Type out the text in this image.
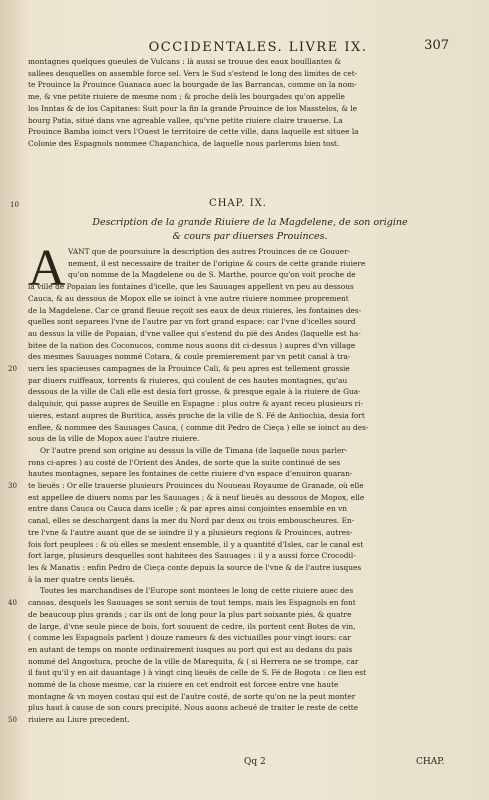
OCCIDENTALES. LIVRE IX.	307
montagnes quelques gueules de Vulcans : là aussi se trouue des eaux bouïllantes &
sallees desquelles on assemble force sel. Vers le Sud s'estend le long des limites de cet-
te Prouince la Prouince Guanaca auec la bourgade de las Barrancas, comme on la nom-
me, & vne petite riuiere de mesme nom ; & proche delà les bourgades qu'on appelle
los Inntas & de los Capitanes: Suit pour la fin la grande Prouince de los Masstelos, & le
bourg Patia, situé dans vne agreable vallee, qu'vne petite riuiere claire trauerse. La
Prouince Bamba ioinct vers l'Ouest le territoire de cette ville, dans laquelle est situee la
Colonie des Espagnols nommee Chapanchica, de laquelle nous parlerons bien tost.
10	CHAP. IX.
Description de la grande Riuiere de la Magdelene, de son origine
& cours par diuerses Prouinces.
A
20
30
40
50
VANT que de poursuiure la description des autres Prouinces de ce Gouuer-
nement, il est necessaire de traiter de l'origine & cours de cette grande riuiere
qu'on nomme de la Magdelene ou de S. Marthe, pource qu'on voit proche de
la ville de Popaian les fontaines d'icelle, que les Sauuages appellent vn peu au dessous
Cauca, & au dessous de Mopox elle se ioinct à vne autre riuiere nommee proprement
de la Magdelene. Car ce grand fleuue reçoit ses eaux de deux riuieres, les fontaines des-
quelles sont separees l'vne de l'autre par vn fort grand espace: car l'vne d'icelles sourd
au dessus la ville de Popaian, d'vne vallee qui s'estend du pié des Andes (laquelle est ha-
bitee de la nation des Coconucos, comme nous auons dit ci-dessus ) aupres d'vn village
des mesmes Sauuages nommé Cotara, & coule premierement par vn petit canal à tra-
uers les spacieuses campagnes de la Prouince Cali, & peu apres est tellement grossie
par diuers ruiffeaux, torrents & riuieres, qui coulent de ces hautes montagnes, qu'au
dessous de la ville de Cali elle est desia fort grosse, & presque egale à la riuiere de Gua-
dalquiuir, qui passe aupres de Seuille en Espagne : plus outre & ayant receu plusieurs ri-
uieres, estant aupres de Buritica, assés proche de la ville de S. Fé de Antiochia, desia fort
enflee, & nommee des Sauuages Cauca, ( comme dit Pedro de Cieça ) elle se ioinct au des-
sous de la ville de Mopox auec l'autre riuiere.
Or l'autre prend son origine au dessus la ville de Timana (de laquelle nous parler-
rons ci-apres ) au costé de l'Orient des Andes, de sorte que la suite continué de ses
hautes montagnes, separe les fontaines de cette riuiere d'vn espace d'enuiron quaran-
te lieuës : Or elle trauerse plusieurs Prouinces du Nouueau Royaume de Granade, où elle
est appellee de diuers noms par les Sauuages ; & à neuf lieuës au dessous de Mopox, elle
entre dans Cauca ou Cauca dans icelle ; & par apres ainsi conjointes ensemble en vn
canal, elles se deschargent dans la mer du Nord par deux ou trois embouscheures. En-
tre l'vne & l'autre auant que de se ioindre il y a plusieurs regions & Prouinces, autres-
fois fort peuplees : & où elles se meslent ensemble, il y a quantité d'Isles, car le canal est
fort large, plusieurs desquelles sont habitees des Sauuages : il y a aussi force Crocodil-
les & Manatis : enfin Pedro de Cieça conte depuis la source de l'vne & de l'autre iusques
à la mer quatre cents lieuës.
Toutes les marchandises de l'Europe sont montees le long de cette riuiere auec des
canoas, desquels les Sauuages se sont seruis de tout temps, mais les Espagnols en font
de beaucoup plus grands ; car ils ont de long pour la plus part soixante piés, & quatre
de large, d'vne seule piece de bois, fort souuent de cedre, ils portent cent Botes de vin,
( comme les Espagnols parlent ) douze rameurs & des victuailles pour vingt iours: car
en autant de temps on monte ordinairement iusques au port qui est au dedans du pais
nommé del Angostura, proche de la ville de Marequita, & ( si Herrera ne se trompe, car
il faut qu'il y en ait dauantage ) à vingt cinq lieuës de celle de S. Fé de Bogota : ce lieu est
nommé de la chose mesme, car la riuiere en cet endroit est forcee entre vne haute
montagne & vn moyen costau qui est de l'autre costé, de sorte qu'on ne la peut monter
plus haut à cause de son cours precipité. Nous auons acheué de traiter le reste de cette
riuiere au Liure precedent.
Qq 2	CHAP.
